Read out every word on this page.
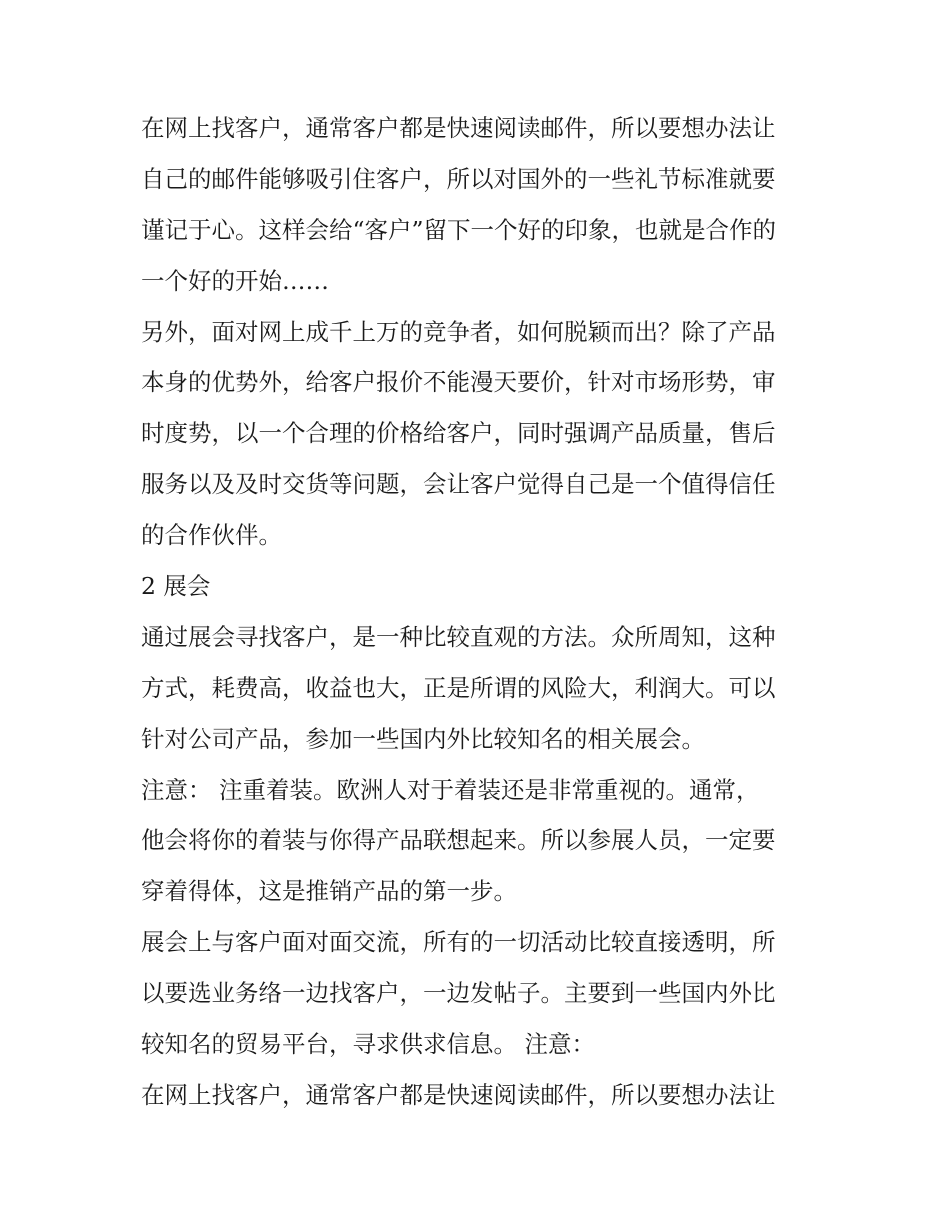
在网上找客户，通常客户都是快速阅读邮件，所以要想办法让
自己的邮件能够吸引住客户，所以对国外的一些礼节标准就要
谨记于心。这样会给“客户”留下一个好的印象，也就是合作的
一个好的开始……
另外，面对网上成千上万的竞争者，如何脱颖而出？除了产品
本身的优势外，给客户报价不能漫天要价，针对市场形势，审
时度势，以一个合理的价格给客户，同时强调产品质量，售后
服务以及及时交货等问题，会让客户觉得自己是一个值得信任
的合作伙伴。
2 展会
通过展会寻找客户，是一种比较直观的方法。众所周知，这种
方式，耗费高，收益也大，正是所谓的风险大，利润大。可以
针对公司产品，参加一些国内外比较知名的相关展会。
注意： 注重着装。欧洲人对于着装还是非常重视的。通常，
他会将你的着装与你得产品联想起来。所以参展人员，一定要
穿着得体，这是推销产品的第一步。
展会上与客户面对面交流，所有的一切活动比较直接透明，所
以要选业务络一边找客户，一边发帖子。主要到一些国内外比
较知名的贸易平台，寻求供求信息。 注意：
在网上找客户，通常客户都是快速阅读邮件，所以要想办法让
